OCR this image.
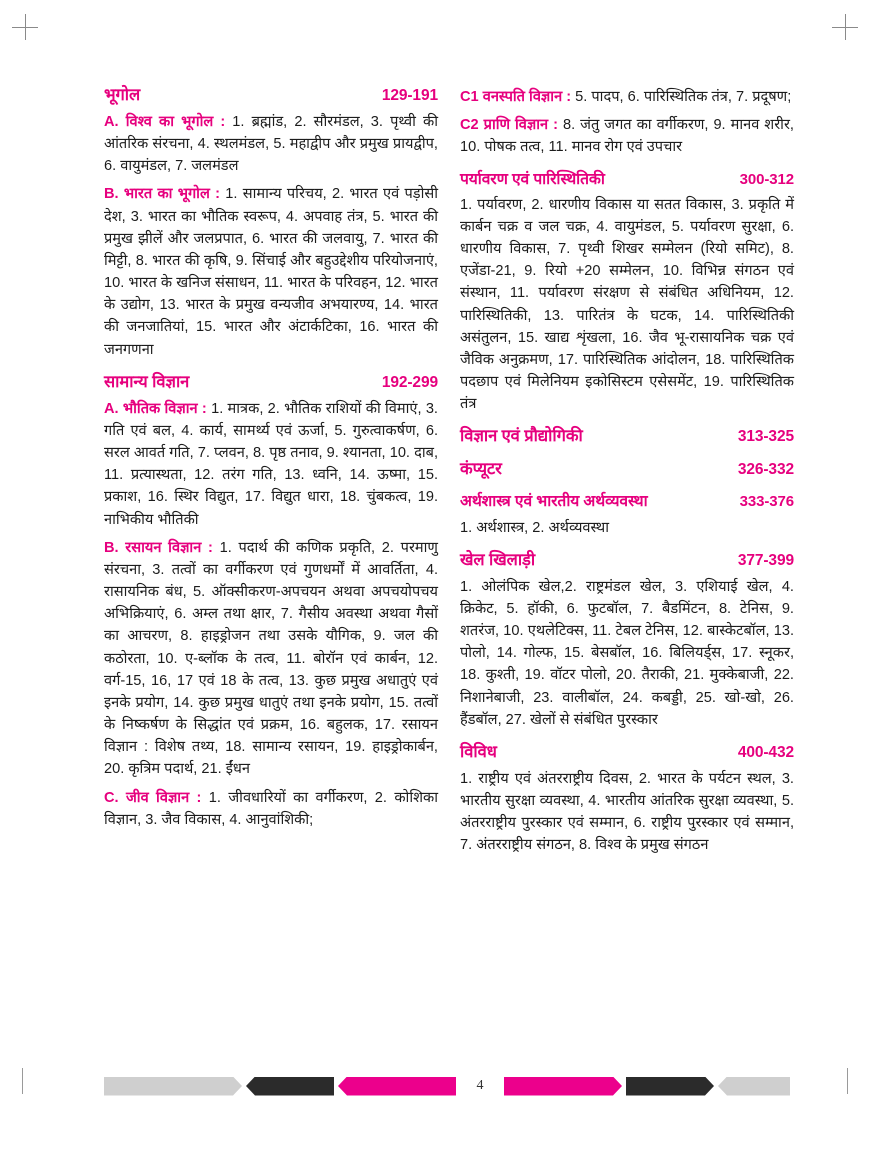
भूगोल	129-191

A. विश्व का भूगोल : 1. ब्रह्मांड, 2. सौरमंडल, 3. पृथ्वी की आंतरिक संरचना, 4. स्थलमंडल, 5. महाद्वीप और प्रमुख प्रायद्वीप, 6. वायुमंडल, 7. जलमंडल

B. भारत का भूगोल : 1. सामान्य परिचय, 2. भारत एवं पड़ोसी देश, 3. भारत का भौतिक स्वरूप, 4. अपवाह तंत्र, 5. भारत की प्रमुख झीलें और जलप्रपात, 6. भारत की जलवायु, 7. भारत की मिट्टी, 8. भारत की कृषि, 9. सिंचाई और बहुउद्देशीय परियोजनाएं, 10. भारत के खनिज संसाधन, 11. भारत के परिवहन, 12. भारत के उद्योग, 13. भारत के प्रमुख वन्यजीव अभयारण्य, 14. भारत की जनजातियां, 15. भारत और अंटार्कटिका, 16. भारत की जनगणना

सामान्य विज्ञान	192-299

A. भौतिक विज्ञान : 1. मात्रक, 2. भौतिक राशियों की विमाएं, 3. गति एवं बल, 4. कार्य, सामर्थ्य एवं ऊर्जा, 5. गुरुत्वाकर्षण, 6. सरल आवर्त गति, 7. प्लवन, 8. पृष्ठ तनाव, 9. श्यानता, 10. दाब, 11. प्रत्यास्थता, 12. तरंग गति, 13. ध्वनि, 14. ऊष्मा, 15. प्रकाश, 16. स्थिर विद्युत, 17. विद्युत धारा, 18. चुंबकत्व, 19. नाभिकीय भौतिकी

B. रसायन विज्ञान : 1. पदार्थ की कणिक प्रकृति, 2. परमाणु संरचना, 3. तत्वों का वर्गीकरण एवं गुणधर्मों में आवर्तिता, 4. रासायनिक बंध, 5. ऑक्सीकरण-अपचयन अथवा अपचयोपचय अभिक्रियाएं, 6. अम्ल तथा क्षार, 7. गैसीय अवस्था अथवा गैसों का आचरण, 8. हाइड्रोजन तथा उसके यौगिक, 9. जल की कठोरता, 10. ए-ब्लॉक के तत्व, 11. बोरॉन एवं कार्बन, 12. वर्ग-15, 16, 17 एवं 18 के तत्व, 13. कुछ प्रमुख अधातुएं एवं इनके प्रयोग, 14. कुछ प्रमुख धातुएं तथा इनके प्रयोग, 15. तत्वों के निष्कर्षण के सिद्धांत एवं प्रक्रम, 16. बहुलक, 17. रसायन विज्ञान : विशेष तथ्य, 18. सामान्य रसायन, 19. हाइड्रोकार्बन, 20. कृत्रिम पदार्थ, 21. ईंधन

C. जीव विज्ञान : 1. जीवधारियों का वर्गीकरण, 2. कोशिका विज्ञान, 3. जैव विकास, 4. आनुवांशिकी;

C1 वनस्पति विज्ञान : 5. पादप, 6. पारिस्थितिक तंत्र, 7. प्रदूषण;

C2 प्राणि विज्ञान : 8. जंतु जगत का वर्गीकरण, 9. मानव शरीर, 10. पोषक तत्व, 11. मानव रोग एवं उपचार

पर्यावरण एवं पारिस्थितिकी	300-312

1. पर्यावरण, 2. धारणीय विकास या सतत विकास, 3. प्रकृति में कार्बन चक्र व जल चक्र, 4. वायुमंडल, 5. पर्यावरण सुरक्षा, 6. धारणीय विकास, 7. पृथ्वी शिखर सम्मेलन (रियो समिट), 8. एजेंडा-21, 9. रियो +20 सम्मेलन, 10. विभिन्न संगठन एवं संस्थान, 11. पर्यावरण संरक्षण से संबंधित अधिनियम, 12. पारिस्थितिकी, 13. पारितंत्र के घटक, 14. पारिस्थितिकी असंतुलन, 15. खाद्य शृंखला, 16. जैव भू-रासायनिक चक्र एवं जैविक अनुक्रमण, 17. पारिस्थितिक आंदोलन, 18. पारिस्थितिक पदछाप एवं मिलेनियम इकोसिस्टम एसेसमेंट, 19. पारिस्थितिक तंत्र

विज्ञान एवं प्रौद्योगिकी	313-325
कंप्यूटर	326-332
अर्थशास्त्र एवं भारतीय अर्थव्यवस्था	333-376

1. अर्थशास्त्र, 2. अर्थव्यवस्था

खेल खिलाड़ी	377-399

1. ओलंपिक खेल,2. राष्ट्रमंडल खेल, 3. एशियाई खेल, 4. क्रिकेट, 5. हॉकी, 6. फुटबॉल, 7. बैडमिंटन, 8. टेनिस, 9. शतरंज, 10. एथलेटिक्स, 11. टेबल टेनिस, 12. बास्केटबॉल, 13. पोलो, 14. गोल्फ, 15. बेसबॉल, 16. बिलियर्ड्स, 17. स्नूकर, 18. कुश्ती, 19. वॉटर पोलो, 20. तैराकी, 21. मुक्केबाजी, 22. निशानेबाजी, 23. वालीबॉल, 24. कबड्डी, 25. खो-खो, 26. हैंडबॉल, 27. खेलों से संबंधित पुरस्कार

विविध	400-432

1. राष्ट्रीय एवं अंतरराष्ट्रीय दिवस, 2. भारत के पर्यटन स्थल, 3. भारतीय सुरक्षा व्यवस्था, 4. भारतीय आंतरिक सुरक्षा व्यवस्था, 5. अंतरराष्ट्रीय पुरस्कार एवं सम्मान, 6. राष्ट्रीय पुरस्कार एवं सम्मान, 7. अंतरराष्ट्रीय संगठन, 8. विश्व के प्रमुख संगठन

4
